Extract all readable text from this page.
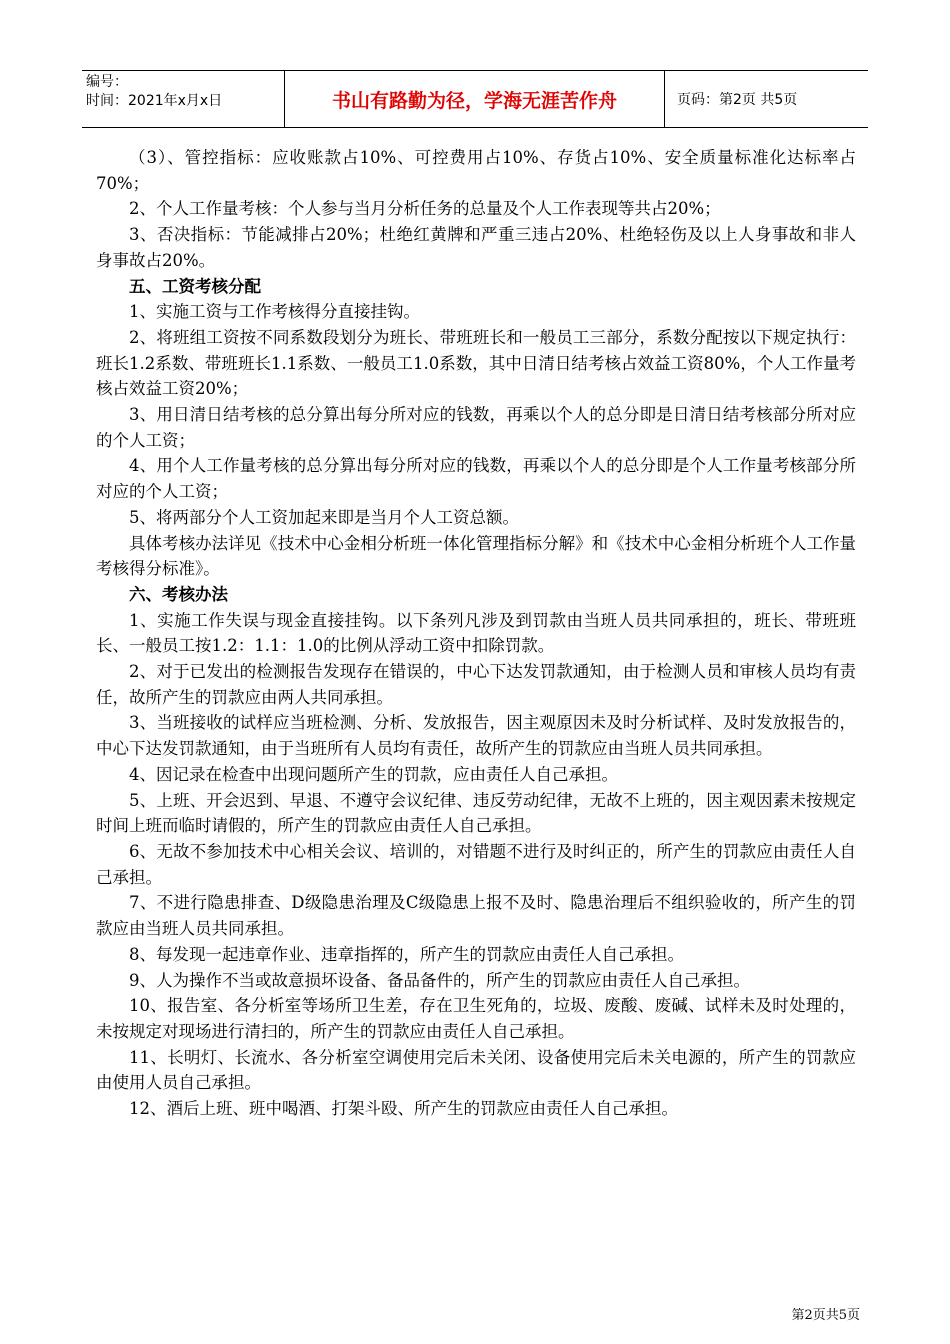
编号：
时间：2021年x月x日	书山有路勤为径，学海无涯苦作舟	页码：第2页 共5页

（3）、管控指标：应收账款占10%、可控费用占10%、存货占10%、安全质量标准化达标率占70%；

2、个人工作量考核：个人参与当月分析任务的总量及个人工作表现等共占20%；

3、否决指标：节能减排占20%；杜绝红黄牌和严重三违占20%、杜绝轻伤及以上人身事故和非人身事故占20%。

五、工资考核分配

1、实施工资与工作考核得分直接挂钩。

2、将班组工资按不同系数段划分为班长、带班班长和一般员工三部分，系数分配按以下规定执行：班长1.2系数、带班班长1.1系数、一般员工1.0系数，其中日清日结考核占效益工资80%，个人工作量考核占效益工资20%；

3、用日清日结考核的总分算出每分所对应的钱数，再乘以个人的总分即是日清日结考核部分所对应的个人工资；

4、用个人工作量考核的总分算出每分所对应的钱数，再乘以个人的总分即是个人工作量考核部分所对应的个人工资；

5、将两部分个人工资加起来即是当月个人工资总额。

具体考核办法详见《技术中心金相分析班一体化管理指标分解》和《技术中心金相分析班个人工作量考核得分标准》。

六、考核办法

1、实施工作失误与现金直接挂钩。以下条列凡涉及到罚款由当班人员共同承担的，班长、带班班长、一般员工按1.2：1.1：1.0的比例从浮动工资中扣除罚款。

2、对于已发出的检测报告发现存在错误的，中心下达发罚款通知，由于检测人员和审核人员均有责任，故所产生的罚款应由两人共同承担。

3、当班接收的试样应当班检测、分析、发放报告，因主观原因未及时分析试样、及时发放报告的，中心下达发罚款通知，由于当班所有人员均有责任，故所产生的罚款应由当班人员共同承担。

4、因记录在检查中出现问题所产生的罚款，应由责任人自己承担。

5、上班、开会迟到、早退、不遵守会议纪律、违反劳动纪律，无故不上班的，因主观因素未按规定时间上班而临时请假的，所产生的罚款应由责任人自己承担。

6、无故不参加技术中心相关会议、培训的，对错题不进行及时纠正的，所产生的罚款应由责任人自己承担。

7、不进行隐患排查、D级隐患治理及C级隐患上报不及时、隐患治理后不组织验收的，所产生的罚款应由当班人员共同承担。

8、每发现一起违章作业、违章指挥的，所产生的罚款应由责任人自己承担。

9、人为操作不当或故意损坏设备、备品备件的，所产生的罚款应由责任人自己承担。

10、报告室、各分析室等场所卫生差，存在卫生死角的，垃圾、废酸、废碱、试样未及时处理的，未按规定对现场进行清扫的，所产生的罚款应由责任人自己承担。

11、长明灯、长流水、各分析室空调使用完后未关闭、设备使用完后未关电源的，所产生的罚款应由使用人员自己承担。

12、酒后上班、班中喝酒、打架斗殴、所产生的罚款应由责任人自己承担。

第2页共5页
